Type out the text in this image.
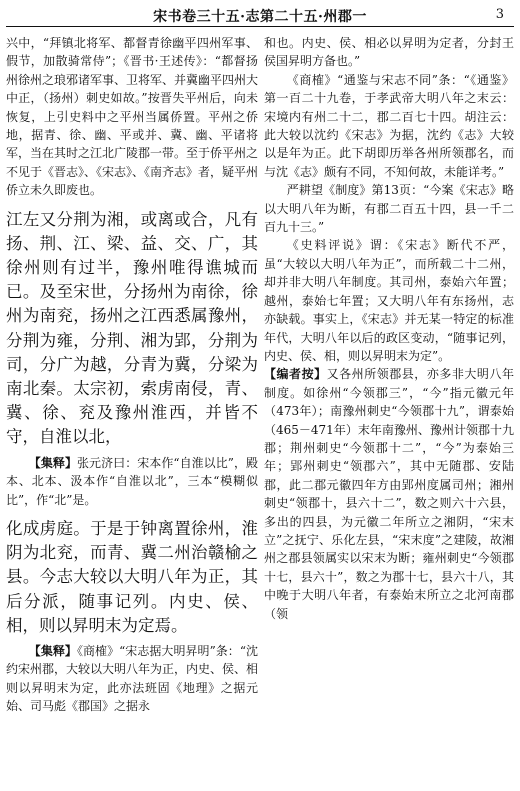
宋书卷三十五·志第二十五·州郡一	3

兴中，“拜镇北将军、都督青徐幽平四州军事、假节，加散骑常侍”；《晋书·王述传》：“都督扬州徐州之琅邪诸军事、卫将军、并冀幽平四州大中正，（扬州）刺史如故。”按晋失平州后，向未恢复，上引史料中之平州当属侨置。平州之侨地，据青、徐、幽、平或并、冀、幽、平诸将军，当在其时之江北广陵郡一带。至于侨平州之不见于《晋志》、《宋志》、《南齐志》者，疑平州侨立未久即废也。

江左又分荆为湘，或离或合，凡有扬、荆、江、梁、益、交、广，其徐州则有过半，豫州唯得谯城而已。及至宋世，分扬州为南徐，徐州为南兖，扬州之江西悉属豫州，分荆为雍，分荆、湘为郢，分荆为司，分广为越，分青为冀，分梁为南北秦。太宗初，索虏南侵，青、冀、徐、兖及豫州淮西，并皆不守，自淮以北，

【集释】张元济曰：宋本作“自淮以比”，殿本、北本、汲本作“自淮以北”，三本“模糊似比”，作“北”是。

化成虏庭。于是于钟离置徐州，淮阴为北兖，而青、冀二州治赣榆之县。今志大较以大明八年为正，其后分派，随事记列。内史、侯、相，则以昇明末为定焉。

【集释】《商榷》“宋志据大明昇明”条：“沈约宋州郡，大较以大明八年为正，内史、侯、相则以昇明末为定，此亦法班固《地理》之据元始、司马彪《郡国》之据永

和也。内史、侯、相必以昇明为定者，分封王侯国昇明方备也。”

《商榷》“通鉴与宋志不同”条：“《通鉴》第一百二十九卷，于孝武帝大明八年之末云：宋境内有州二十二，郡二百七十四。胡注云：此大较以沈约《宋志》为据，沈约《志》大较以是年为正。此下胡即历举各州所领郡名，而与沈《志》颇有不同，不知何故，未能详考。”

严耕望《制度》第13页：“今案《宋志》略以大明八年为断，有郡二百五十四，县一千二百九十三。”

《史料评说》谓：《宋志》断代不严，虽“大较以大明八年为正”，而所载二十二州，却并非大明八年制度。其司州，泰始六年置；越州，泰始七年置；又大明八年有东扬州，志亦缺载。事实上，《宋志》并无某一特定的标准年代，大明八年以后的政区变动，“随事记列，内史、侯、相，则以昇明末为定”。

【编者按】又各州所领郡县，亦多非大明八年制度。如徐州“今领郡三”，“今”指元徽元年（473年）；南豫州刺史“今领郡十九”，谓泰始（465－471年）末年南豫州、豫州计领郡十九郡；荆州刺史“今领郡十二”，“今”为泰始三年；郢州刺史“领郡六”，其中无随郡、安陆郡，此二郡元徽四年方由郢州度属司州；湘州刺史“领郡十，县六十二”，数之则六十六县，多出的四县，为元徽二年所立之湘阴，“宋末立”之抚宁、乐化左县，“宋末度”之建陵，故湘州之郡县领属实以宋末为断；雍州刺史“今领郡十七，县六十”，数之为郡十七，县六十八，其中晚于大明八年者，有泰始末所立之北河南郡（领
